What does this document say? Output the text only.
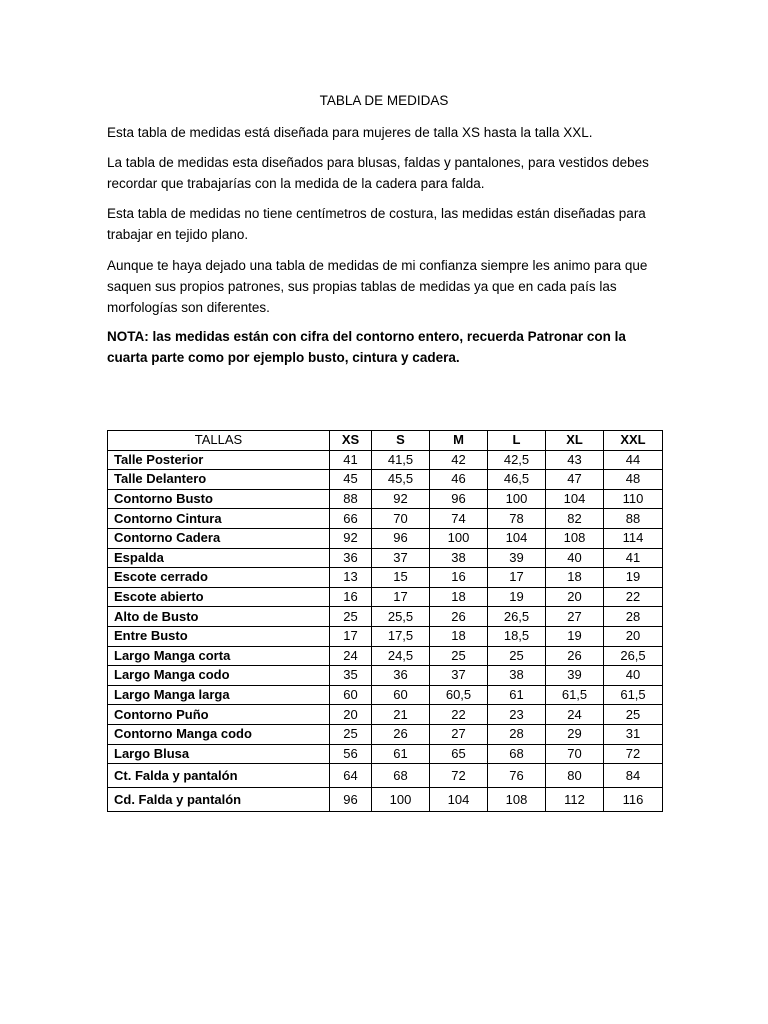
TABLA DE MEDIDAS

Esta tabla de medidas está diseñada para mujeres de talla XS hasta la talla XXL.

La tabla de medidas esta diseñados para blusas, faldas y pantalones, para vestidos debes recordar que trabajarías con la medida de la cadera para falda.

Esta tabla de medidas no tiene centímetros de costura, las medidas están diseñadas para trabajar en tejido plano.

Aunque te haya dejado una tabla de medidas de mi confianza siempre les animo para que saquen sus propios patrones, sus propias tablas de medidas ya que en cada país las morfologías son diferentes.

NOTA: las medidas están con cifra del contorno entero, recuerda Patronar con la cuarta parte como por ejemplo busto, cintura y cadera.

TALLAS	XS	S	M	L	XL	XXL
Talle Posterior	41	41,5	42	42,5	43	44
Talle Delantero	45	45,5	46	46,5	47	48
Contorno Busto	88	92	96	100	104	110
Contorno Cintura	66	70	74	78	82	88
Contorno Cadera	92	96	100	104	108	114
Espalda	36	37	38	39	40	41
Escote cerrado	13	15	16	17	18	19
Escote abierto	16	17	18	19	20	22
Alto de Busto	25	25,5	26	26,5	27	28
Entre Busto	17	17,5	18	18,5	19	20
Largo Manga corta	24	24,5	25	25	26	26,5
Largo Manga codo	35	36	37	38	39	40
Largo Manga larga	60	60	60,5	61	61,5	61,5
Contorno Puño	20	21	22	23	24	25
Contorno Manga codo	25	26	27	28	29	31
Largo Blusa	56	61	65	68	70	72
Ct. Falda y pantalón	64	68	72	76	80	84
Cd. Falda y pantalón	96	100	104	108	112	116
